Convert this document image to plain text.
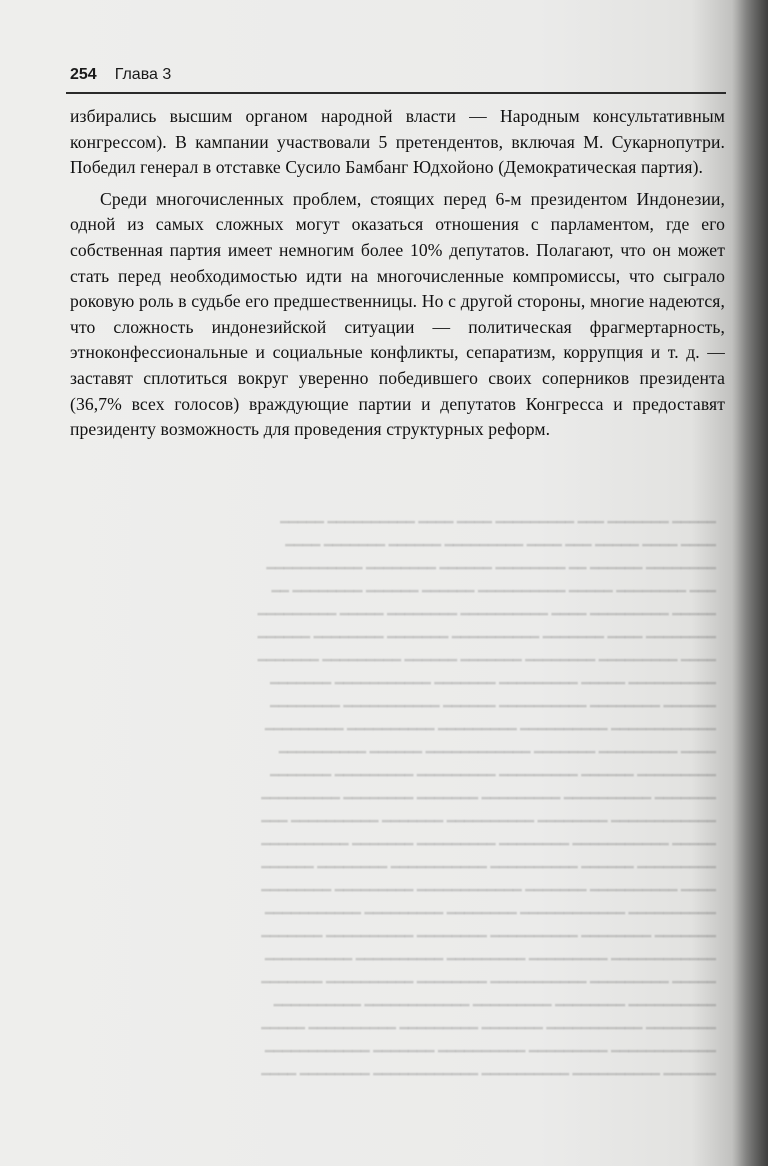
━━━━━ ━━━━━━━ ━━━ ━━━━━━━━━ ━━━━ ━━━━ ━━━━━━━━━━ ━━━━━

━━━━ ━━━━ ━━━━━ ━━━ ━━━━ ━━━━━━━━━ ━━━━━━ ━━━━━━━ ━━━━

━━━━━━━━ ━━━━━━ ━━ ━━━━━━━━ ━━━━━━ ━━━━━━━━ ━━━━━━━━━━━

━━━ ━━━━━━━━ ━━━━━ ━━━━━━━━━━ ━━━━━━ ━━━━━━ ━━━━━━━━ ━━

━━━━━ ━━━━━━━━━ ━━━━ ━━━━━━━━━━ ━━━━━━━━ ━━━━━ ━━━━━━━━━

━━━━━━━━ ━━━━ ━━━━━━━ ━━━━━━━━━━ ━━━━━━━ ━━━━━━━━ ━━━━━━

━━━━ ━━━━━━━━━ ━━━━━━━━ ━━━━━━━ ━━━━━━ ━━━━━━━━━ ━━━━━━━

━━━━━━━━━━ ━━━━━ ━━━━━━━━━ ━━━━━━━ ━━━━━━━━━━━ ━━━━━━━

━━━━━━ ━━━━━━━━ ━━━━━━━━━━ ━━━━━━ ━━━━━━━━━━━ ━━━━━━━━

━━━━━━━━━━━━ ━━━━━━━━━━ ━━━━━━━━━ ━━━━━━━━━━ ━━━━━━━━━

━━━━ ━━━━━━━━━ ━━━━━━━ ━━━━━━━━━━━━ ━━━━━━ ━━━━━━━━━━

━━━━━━━━━ ━━━━━━ ━━━━━━━━━ ━━━━━━━━━ ━━━━━━━━━ ━━━━━━━

━━━━━━━ ━━━━━━━━━━ ━━━━━━━━━ ━━━━━━━ ━━━━━━━━ ━━━━━━━━━

━━━━━━━━━━━━ ━━━━━━━━ ━━━━━━━━━━ ━━━━━━━ ━━━━━━━━━━ ━━━

━━━━━ ━━━━━━━━━━━ ━━━━━━━━ ━━━━━━━━━ ━━━━━━━ ━━━━━━━━━━

━━━━━━━━━ ━━━━━━ ━━━━━━━━━━ ━━━━━━━━━━━ ━━━━━━━━ ━━━━━━

━━━━ ━━━━━━━━━━ ━━━━━━━ ━━━━━━━━━━━━ ━━━━━━━━━ ━━━━━━━━

━━━━━━━━━━ ━━━━━━━━━━━━ ━━━━━━━━ ━━━━━━━━━ ━━━━━━━━━━━

━━━━━━━ ━━━━━━━━ ━━━━━━━━━━ ━━━━━━━━ ━━━━━━━━━━ ━━━━━━━

━━━━━━━━━━━━ ━━━━━━━━━ ━━━━━━━━━ ━━━━━━━━━━ ━━━━━━━━━━

━━━━━ ━━━━━━━━━ ━━━━━━━━━━━ ━━━━━━━━ ━━━━━━━━━━ ━━━━━━━

━━━━━━━━━━ ━━━━━━━━ ━━━━━━━━━ ━━━━━━━━━━━━ ━━━━━━━━━━

━━━━━━━━ ━━━━━━━━━━━ ━━━━━━━ ━━━━━━━━━ ━━━━━━━━━━ ━━━━━

━━━━━━━━━━━━ ━━━━━━━━━ ━━━━━━━━━━ ━━━━━━━ ━━━━━━━━━━━━

━━━━━━ ━━━━━━━━━━ ━━━━━━━━━━ ━━━━━━━━━━━━ ━━━━━━━━ ━━━━

254 Глава 3

избирались высшим органом народной власти — Народным консультативным конгрессом). В кампании участвовали 5 претендентов, включая М. Сукарнопутри. Победил генерал в отставке Сусило Бамбанг Юдхойоно (Демократическая партия).

Среди многочисленных проблем, стоящих перед 6-м президентом Индонезии, одной из самых сложных могут оказаться отношения с парламентом, где его собственная партия имеет немногим более 10% депутатов. Полагают, что он может стать перед необходимостью идти на многочисленные компромиссы, что сыграло роковую роль в судьбе его предшественницы. Но с другой стороны, многие надеются, что сложность индонезийской ситуации — политическая фрагмертарность, этноконфессиональные и социальные конфликты, сепаратизм, коррупция и т. д. — заставят сплотиться вокруг уверенно победившего своих соперников президента (36,7% всех голосов) враждующие партии и депутатов Конгресса и предоставят президенту возможность для проведения структурных реформ.
